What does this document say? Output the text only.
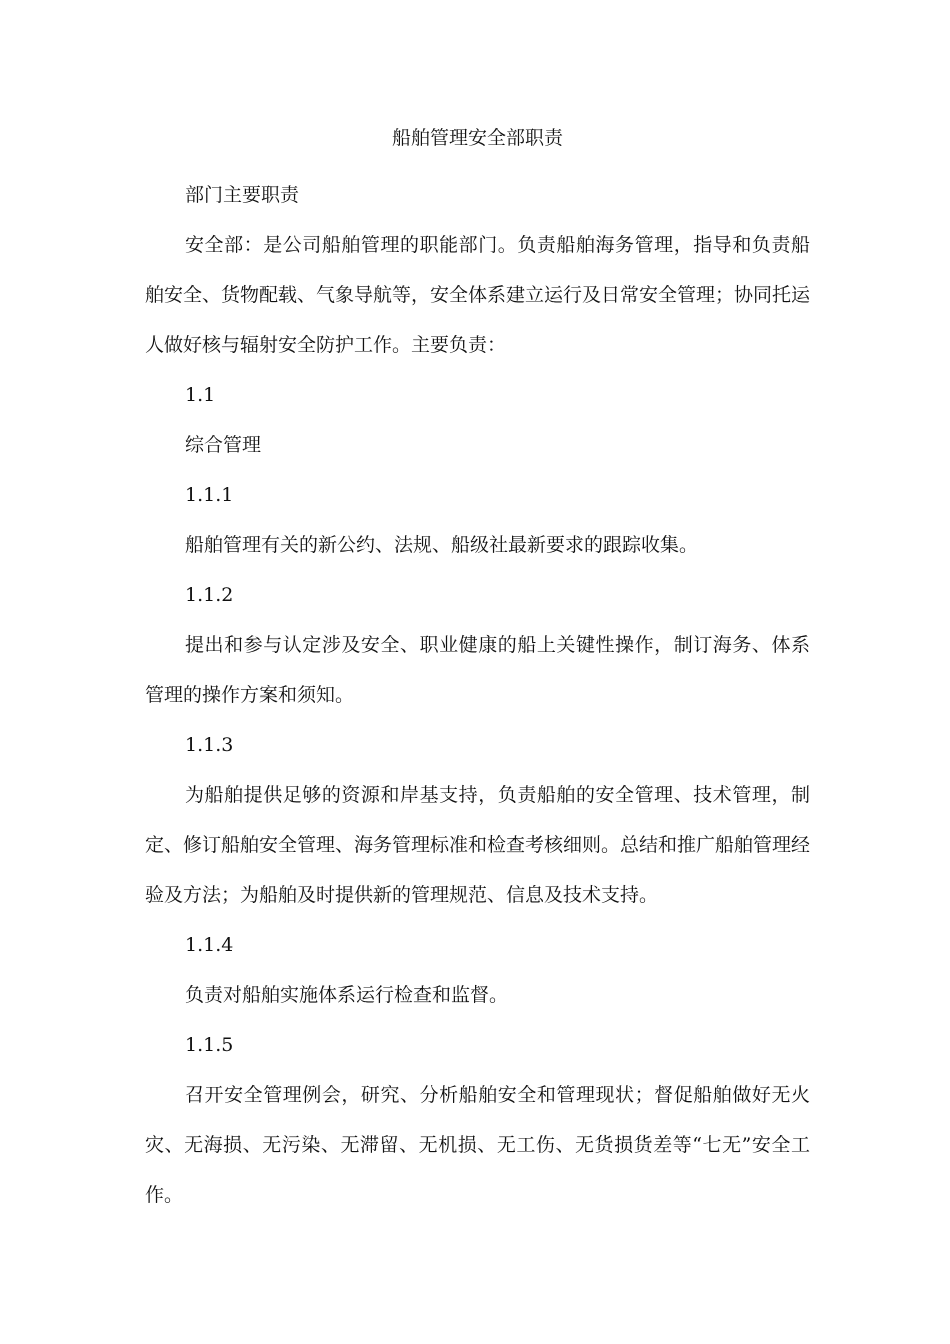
船舶管理安全部职责

部门主要职责

安全部：是公司船舶管理的职能部门。负责船舶海务管理，指导和负责船舶安全、货物配载、气象导航等，安全体系建立运行及日常安全管理；协同托运人做好核与辐射安全防护工作。主要负责：

1.1

综合管理

1.1.1

船舶管理有关的新公约、法规、船级社最新要求的跟踪收集。

1.1.2

提出和参与认定涉及安全、职业健康的船上关键性操作，制订海务、体系管理的操作方案和须知。

1.1.3

为船舶提供足够的资源和岸基支持，负责船舶的安全管理、技术管理，制定、修订船舶安全管理、海务管理标准和检查考核细则。总结和推广船舶管理经验及方法；为船舶及时提供新的管理规范、信息及技术支持。

1.1.4

负责对船舶实施体系运行检查和监督。

1.1.5

召开安全管理例会，研究、分析船舶安全和管理现状；督促船舶做好无火灾、无海损、无污染、无滞留、无机损、无工伤、无货损货差等“七无”安全工作。
